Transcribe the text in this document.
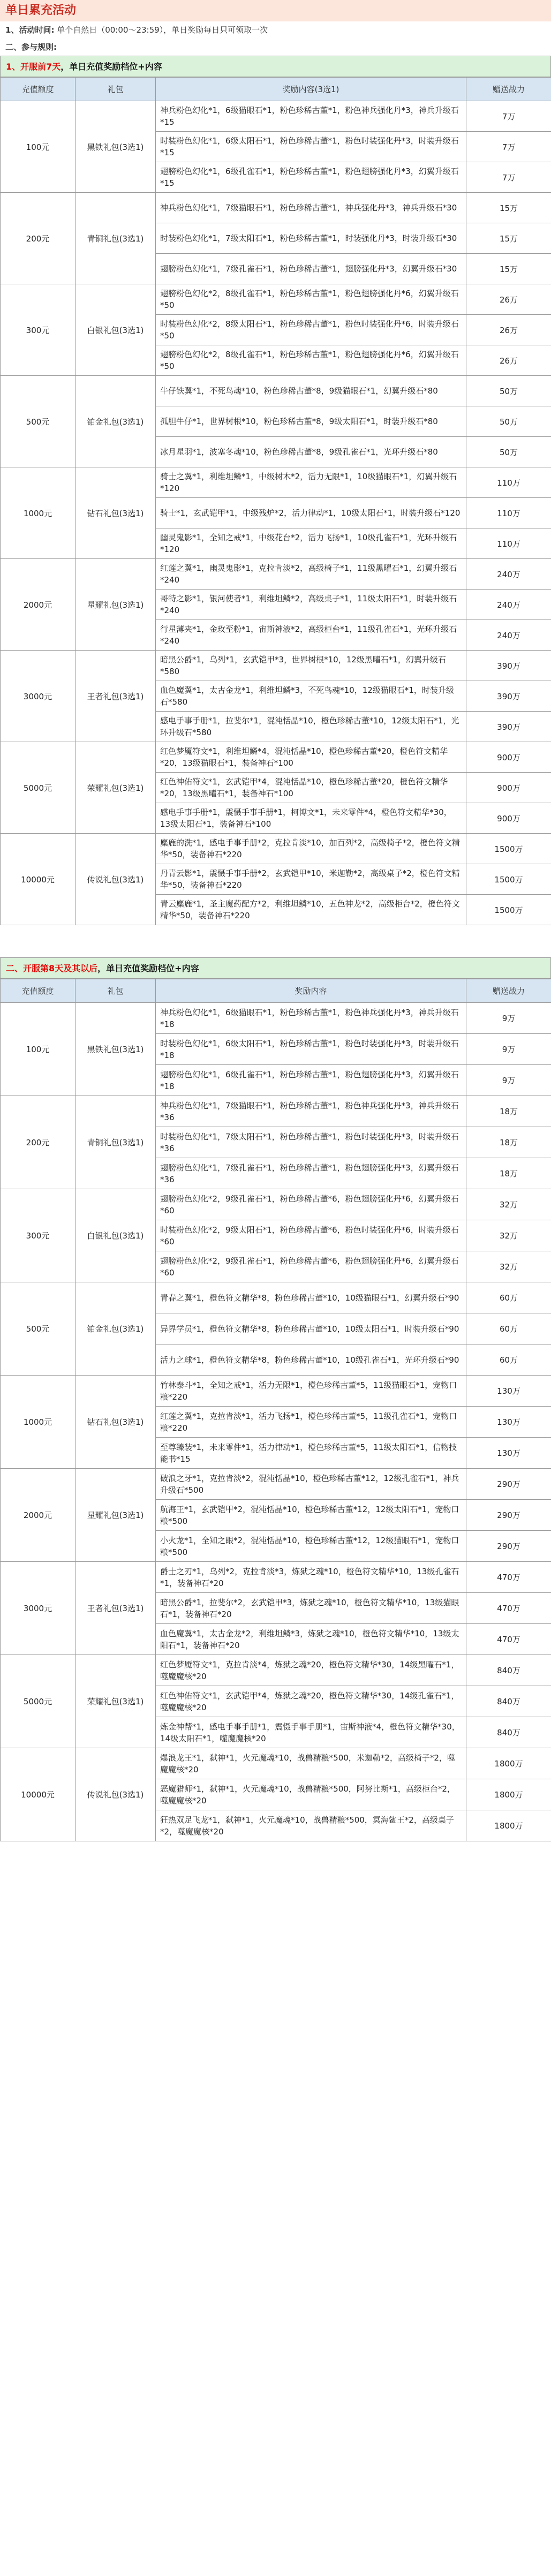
单日累充活动
1、活动时间: 单个自然日（00:00～23:59），单日奖励每日只可领取一次
二、参与规则:
1、开服前7天，单日充值奖励档位+内容
充值额度	礼包	奖励内容(3选1)	赠送战力
100元	黑铁礼包(3选1)	神兵粉色幻化*1，6级猫眼石*1，粉色珍稀古董*1，粉色神兵强化丹*3，神兵升级石*15	7万
		时装粉色幻化*1，6级太阳石*1，粉色珍稀古董*1，粉色时装强化丹*3，时装升级石*15	7万
		翅膀粉色幻化*1，6级孔雀石*1，粉色珍稀古董*1，粉色翅膀强化丹*3，幻翼升级石*15	7万
200元	青铜礼包(3选1)	神兵粉色幻化*1，7级猫眼石*1，粉色珍稀古董*1，神兵强化丹*3，神兵升级石*30	15万
		时装粉色幻化*1，7级太阳石*1，粉色珍稀古董*1，时装强化丹*3，时装升级石*30	15万
		翅膀粉色幻化*1，7级孔雀石*1，粉色珍稀古董*1，翅膀强化丹*3，幻翼升级石*30	15万
300元	白银礼包(3选1)	翅膀粉色幻化*2，8级孔雀石*1，粉色珍稀古董*1，粉色翅膀强化丹*6，幻翼升级石*50	26万
		时装粉色幻化*2，8级太阳石*1，粉色珍稀古董*1，粉色时装强化丹*6，时装升级石*50	26万
		翅膀粉色幻化*2，8级孔雀石*1，粉色珍稀古董*1，粉色翅膀强化丹*6，幻翼升级石*50	26万
500元	铂金礼包(3选1)	牛仔铁翼*1，不死鸟魂*10，粉色珍稀古董*8，9级猫眼石*1，幻翼升级石*80	50万
		孤胆牛仔*1，世界树根*10，粉色珍稀古董*8，9级太阳石*1，时装升级石*80	50万
		冰月星羽*1，波塞冬魂*10，粉色珍稀古董*8，9级孔雀石*1，光环升级石*80	50万
1000元	钻石礼包(3选1)	骑士之翼*1，利维坦鳞*1，中级树木*2，活力无限*1，10级猫眼石*1，幻翼升级石*120	110万
		骑士*1，玄武铠甲*1，中级残炉*2，活力律动*1，10级太阳石*1，时装升级石*120	110万
		幽灵鬼影*1，全知之戒*1，中级花台*2，活力飞扬*1，10级孔雀石*1，光环升级石*120	110万
2000元	星耀礼包(3选1)	红莲之翼*1，幽灵鬼影*1，克拉肯淡*2，高级椅子*1，11级黑曜石*1，幻翼升级石*240	240万
		哥特之影*1，银河使者*1，利维坦鳞*2，高级桌子*1，11级太阳石*1，时装升级石*240	240万
		行星薄夹*1，金玫至粉*1，宙斯神液*2，高级柜台*1，11级孔雀石*1，光环升级石*240	240万
3000元	王者礼包(3选1)	暗黑公爵*1，乌列*1，玄武铠甲*3，世界树根*10，12级黑曜石*1，幻翼升级石*580	390万
		血色魔翼*1，太古金龙*1，利维坦鳞*3，不死鸟魂*10，12级猫眼石*1，时装升级石*580	390万
		感电手事手册*1，拉斐尔*1，混沌恬晶*10，橙色珍稀古董*10，12级太阳石*1，光环升级石*580	390万
5000元	荣耀礼包(3选1)	红色梦魇符文*1，利维坦鳞*4，混沌恬晶*10，橙色珍稀古董*20，橙色符文精华*20，13级猫眼石*1，装备神石*100	900万
		红色神佑符文*1，玄武铠甲*4，混沌恬晶*10，橙色珍稀古董*20，橙色符文精华*20，13级黑曜石*1，装备神石*100	900万
		感电手事手册*1，震慑手事手册*1，柯博文*1，未来零件*4，橙色符文精华*30，13级太阳石*1，装备神石*100	900万
10000元	传说礼包(3选1)	麋鹿的洗*1，感电手事手册*2，克拉肯淡*10，加百列*2，高级椅子*2，橙色符文精华*50，装备神石*220	1500万
		丹青云影*1，震慑手事手册*2，玄武铠甲*10，米迦勒*2，高级桌子*2，橙色符文精华*50，装备神石*220	1500万
		青云麋鹿*1，圣主魔药配方*2，利维坦鳞*10，五色神龙*2，高级柜台*2，橙色符文精华*50，装备神石*220	1500万
二、开服第8天及其以后，单日充值奖励档位+内容
充值额度	礼包	奖励内容	赠送战力
100元	黑铁礼包(3选1)	神兵粉色幻化*1，6级猫眼石*1，粉色珍稀古董*1，粉色神兵强化丹*3，神兵升级石*18	9万
		时装粉色幻化*1，6级太阳石*1，粉色珍稀古董*1，粉色时装强化丹*3，时装升级石*18	9万
		翅膀粉色幻化*1，6级孔雀石*1，粉色珍稀古董*1，粉色翅膀强化丹*3，幻翼升级石*18	9万
200元	青铜礼包(3选1)	神兵粉色幻化*1，7级猫眼石*1，粉色珍稀古董*1，粉色神兵强化丹*3，神兵升级石*36	18万
		时装粉色幻化*1，7级太阳石*1，粉色珍稀古董*1，粉色时装强化丹*3，时装升级石*36	18万
		翅膀粉色幻化*1，7级孔雀石*1，粉色珍稀古董*1，粉色翅膀强化丹*3，幻翼升级石*36	18万
300元	白银礼包(3选1)	翅膀粉色幻化*2，9级孔雀石*1，粉色珍稀古董*6，粉色翅膀强化丹*6，幻翼升级石*60	32万
		时装粉色幻化*2，9级太阳石*1，粉色珍稀古董*6，粉色时装强化丹*6，时装升级石*60	32万
		翅膀粉色幻化*2，9级孔雀石*1，粉色珍稀古董*6，粉色翅膀强化丹*6，幻翼升级石*60	32万
500元	铂金礼包(3选1)	青春之翼*1，橙色符文精华*8，粉色珍稀古董*10，10级猫眼石*1，幻翼升级石*90	60万
		异界学员*1，橙色符文精华*8，粉色珍稀古董*10，10级太阳石*1，时装升级石*90	60万
		活力之球*1，橙色符文精华*8，粉色珍稀古董*10，10级孔雀石*1，光环升级石*90	60万
1000元	钻石礼包(3选1)	竹林泰斗*1，全知之戒*1，活力无限*1，橙色珍稀古董*5，11级猫眼石*1，宠物口粮*220	130万
		红莲之翼*1，克拉肯淡*1，活力飞扬*1，橙色珍稀古董*5，11级孔雀石*1，宠物口粮*220	130万
		至尊臻装*1，未来零件*1，活力律动*1，橙色珍稀古董*5，11级太阳石*1，信物技能书*15	130万
2000元	星耀礼包(3选1)	破浪之牙*1，克拉肯淡*2，混沌恬晶*10，橙色珍稀古董*12，12级孔雀石*1，神兵升级石*500	290万
		航海王*1，玄武铠甲*2，混沌恬晶*10，橙色珍稀古董*12，12级太阳石*1，宠物口粮*500	290万
		小火龙*1，全知之眼*2，混沌恬晶*10，橙色珍稀古董*12，12级猫眼石*1，宠物口粮*500	290万
3000元	王者礼包(3选1)	爵士之刃*1，乌列*2，克拉肯淡*3，炼狱之魂*10，橙色符文精华*10，13级孔雀石*1，装备神石*20	470万
		暗黑公爵*1，拉斐尔*2，玄武铠甲*3，炼狱之魂*10，橙色符文精华*10，13级猫眼石*1，装备神石*20	470万
		血色魔翼*1，太古金龙*2，利维坦鳞*3，炼狱之魂*10，橙色符文精华*10，13级太阳石*1，装备神石*20	470万
5000元	荣耀礼包(3选1)	红色梦魇符文*1，克拉肯淡*4，炼狱之魂*20，橙色符文精华*30，14级黑曜石*1，噬魔魔核*20	840万
		红色神佑符文*1，玄武铠甲*4，炼狱之魂*20，橙色符文精华*30，14级孔雀石*1，噬魔魔核*20	840万
		炼金神帮*1，感电手事手册*1，震慑手事手册*1，宙斯神液*4，橙色符文精华*30，14级太阳石*1，噬魔魔核*20	840万
10000元	传说礼包(3选1)	爆浪龙王*1，弑神*1，火元魔魂*10，战兽精粮*500，米迦勒*2，高级椅子*2，噬魔魔核*20	1800万
		恶魔猎师*1，弑神*1，火元魔魂*10，战兽精粮*500，阿努比斯*1，高级柜台*2，噬魔魔核*20	1800万
		狂热双足飞龙*1，弑神*1，火元魔魂*10，战兽精粮*500，冥海鲨王*2，高级桌子*2，噬魔魔核*20	1800万
